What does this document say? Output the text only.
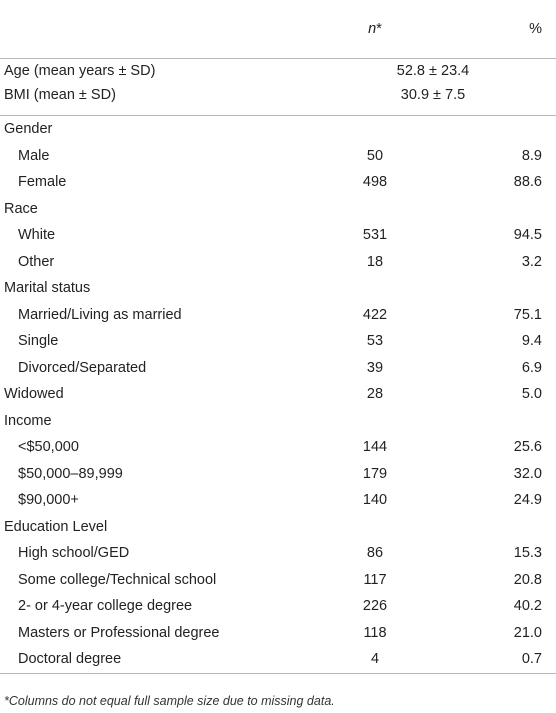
Age (mean years ± SD)	52.8 ± 23.4	
BMI (mean ± SD)	30.9 ± 7.5	

	n*	%
Gender		
Male	50	8.9
Female	498	88.6
Race		
White	531	94.5
Other	18	3.2
Marital status		
Married/Living as married	422	75.1
Single	53	9.4
Divorced/Separated	39	6.9
Widowed	28	5.0
Income		
<$50,000	144	25.6
$50,000–89,999	179	32.0
$90,000+	140	24.9
Education Level		
High school/GED	86	15.3
Some college/Technical school	117	20.8
2- or 4-year college degree	226	40.2
Masters or Professional degree	118	21.0
Doctoral degree	4	0.7
*Columns do not equal full sample size due to missing data.
